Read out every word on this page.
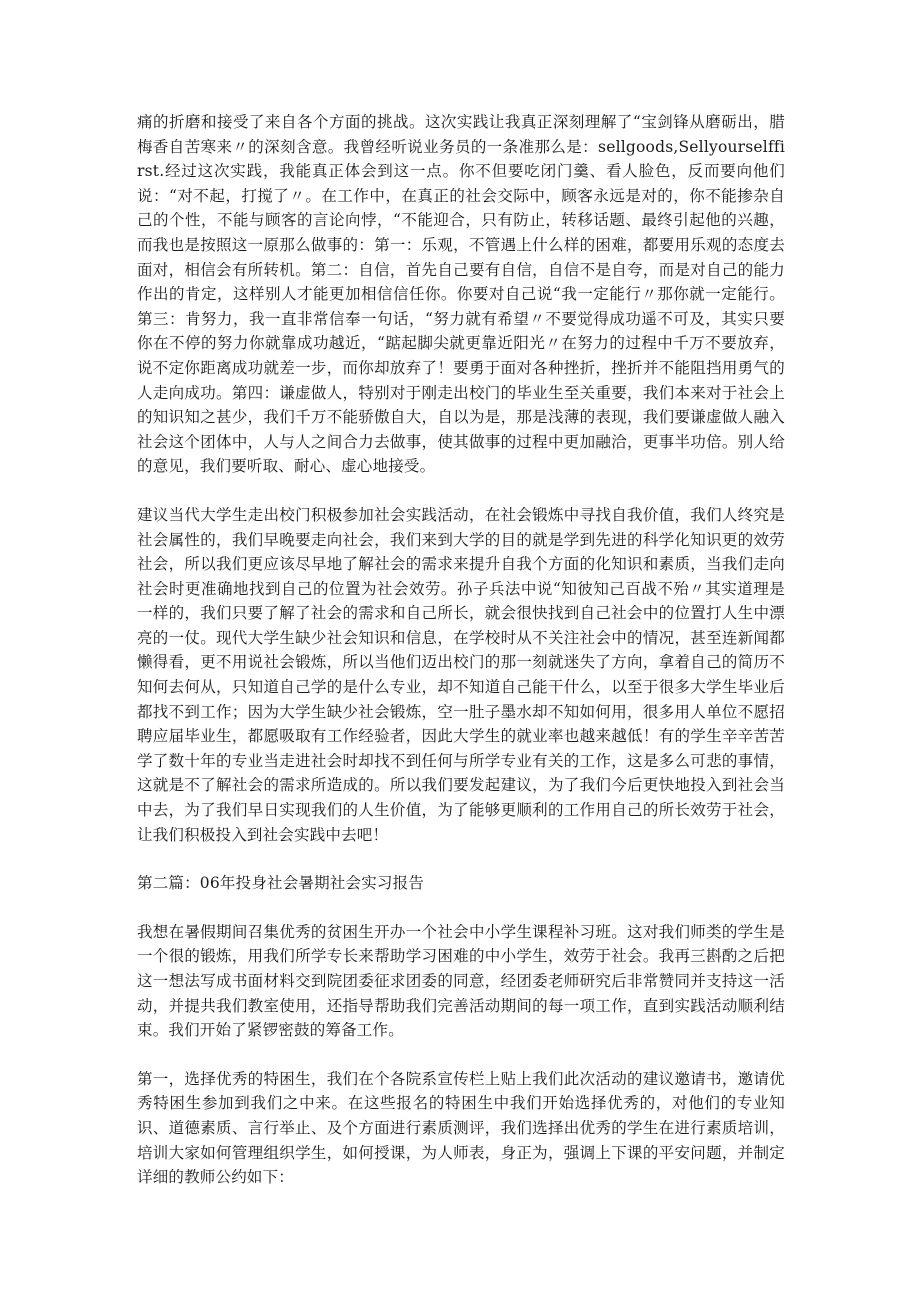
痛的折磨和接受了来自各个方面的挑战。这次实践让我真正深刻理解了“宝剑锋从磨砺出，腊梅香自苦寒来〃的深刻含意。我曾经听说业务员的一条准那么是：sellgoods,Sellyourselffirst.经过这次实践，我能真正体会到这一点。你不但要吃闭门羹、看人脸色，反而要向他们说：“对不起，打搅了〃。在工作中，在真正的社会交际中，顾客永远是对的，你不能掺杂自己的个性，不能与顾客的言论向悖，“不能迎合，只有防止，转移话题、最终引起他的兴趣，而我也是按照这一原那么做事的：第一：乐观，不管遇上什么样的困难，都要用乐观的态度去面对，相信会有所转机。第二：自信，首先自己要有自信，自信不是自夸，而是对自己的能力作出的肯定，这样别人才能更加相信信任你。你要对自己说“我一定能行〃那你就一定能行。第三：肯努力，我一直非常信奉一句话，“努力就有希望〃不要觉得成功遥不可及，其实只要你在不停的努力你就靠成功越近，“踮起脚尖就更靠近阳光〃在努力的过程中千万不要放弃，说不定你距离成功就差一步，而你却放弃了！要勇于面对各种挫折，挫折并不能阻挡用勇气的人走向成功。第四：谦虚做人，特别对于刚走出校门的毕业生至关重要，我们本来对于社会上的知识知之甚少，我们千万不能骄傲自大，自以为是，那是浅薄的表现，我们要谦虚做人融入社会这个团体中，人与人之间合力去做事，使其做事的过程中更加融洽，更事半功倍。别人给的意见，我们要听取、耐心、虚心地接受。

建议当代大学生走出校门积极参加社会实践活动，在社会锻炼中寻找自我价值，我们人终究是社会属性的，我们早晚要走向社会，我们来到大学的目的就是学到先进的科学化知识更的效劳社会，所以我们更应该尽早地了解社会的需求来提升自我个方面的化知识和素质，当我们走向社会时更准确地找到自己的位置为社会效劳。孙子兵法中说“知彼知己百战不殆〃其实道理是一样的，我们只要了解了社会的需求和自己所长，就会很快找到自己社会中的位置打人生中漂亮的一仗。现代大学生缺少社会知识和信息，在学校时从不关注社会中的情况，甚至连新闻都懒得看，更不用说社会锻炼，所以当他们迈出校门的那一刻就迷失了方向，拿着自己的简历不知何去何从，只知道自己学的是什么专业，却不知道自己能干什么，以至于很多大学生毕业后都找不到工作；因为大学生缺少社会锻炼，空一肚子墨水却不知如何用，很多用人单位不愿招聘应届毕业生，都愿吸取有工作经验者，因此大学生的就业率也越来越低！有的学生辛辛苦苦学了数十年的专业当走进社会时却找不到任何与所学专业有关的工作，这是多么可悲的事情，这就是不了解社会的需求所造成的。所以我们要发起建议，为了我们今后更快地投入到社会当中去，为了我们早日实现我们的人生价值，为了能够更顺利的工作用自己的所长效劳于社会，让我们积极投入到社会实践中去吧！

第二篇：06年投身社会暑期社会实习报告

我想在暑假期间召集优秀的贫困生开办一个社会中小学生课程补习班。这对我们师类的学生是一个很的锻炼，用我们所学专长来帮助学习困难的中小学生，效劳于社会。我再三斟酌之后把这一想法写成书面材料交到院团委征求团委的同意，经团委老师研究后非常赞同并支持这一活动，并提共我们教室使用，还指导帮助我们完善活动期间的每一项工作，直到实践活动顺利结束。我们开始了紧锣密鼓的筹备工作。

第一，选择优秀的特困生，我们在个各院系宣传栏上贴上我们此次活动的建议邀请书，邀请优秀特困生参加到我们之中来。在这些报名的特困生中我们开始选择优秀的，对他们的专业知识、道德素质、言行举止、及个方面进行素质测评，我们选择出优秀的学生在进行素质培训，培训大家如何管理组织学生，如何授课，为人师表，身正为，强调上下课的平安问题，并制定详细的教师公约如下：
